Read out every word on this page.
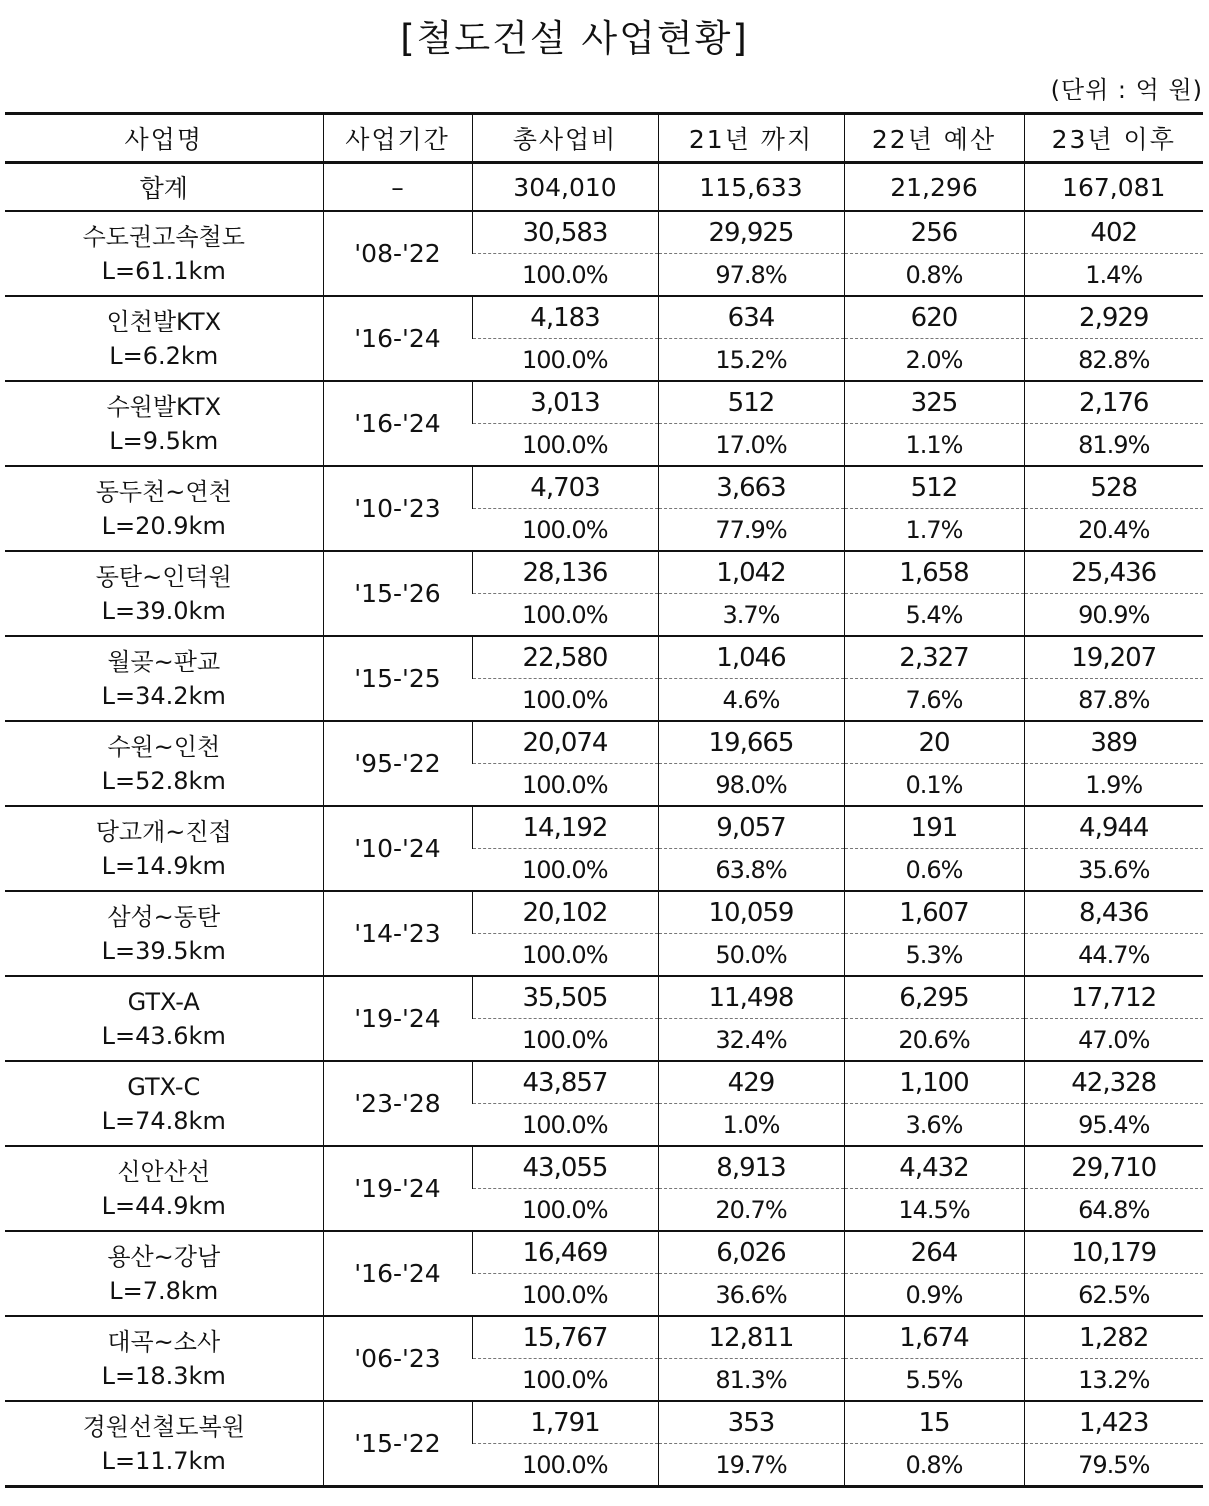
[철도건설 사업현황]
(단위 : 억 원)
사업명	사업기간	총사업비	21년 까지	22년 예산	23년 이후
합계	–	304,010	115,633	21,296	167,081

수도권고속철도
L=61.1km	'08-'22	30,583	29,925	256	402
		100.0%	97.8%	0.8%	1.4%

인천발KTX
L=6.2km	'16-'24	4,183	634	620	2,929
		100.0%	15.2%	2.0%	82.8%

수원발KTX
L=9.5km	'16-'24	3,013	512	325	2,176
		100.0%	17.0%	1.1%	81.9%

동두천~연천
L=20.9km	'10-'23	4,703	3,663	512	528
		100.0%	77.9%	1.7%	20.4%

동탄~인덕원
L=39.0km	'15-'26	28,136	1,042	1,658	25,436
		100.0%	3.7%	5.4%	90.9%

월곶~판교
L=34.2km	'15-'25	22,580	1,046	2,327	19,207
		100.0%	4.6%	7.6%	87.8%

수원~인천
L=52.8km	'95-'22	20,074	19,665	20	389
		100.0%	98.0%	0.1%	1.9%

당고개~진접
L=14.9km	'10-'24	14,192	9,057	191	4,944
		100.0%	63.8%	0.6%	35.6%

삼성~동탄
L=39.5km	'14-'23	20,102	10,059	1,607	8,436
		100.0%	50.0%	5.3%	44.7%

GTX-A
L=43.6km	'19-'24	35,505	11,498	6,295	17,712
		100.0%	32.4%	20.6%	47.0%

GTX-C
L=74.8km	'23-'28	43,857	429	1,100	42,328
		100.0%	1.0%	3.6%	95.4%

신안산선
L=44.9km	'19-'24	43,055	8,913	4,432	29,710
		100.0%	20.7%	14.5%	64.8%

용산~강남
L=7.8km	'16-'24	16,469	6,026	264	10,179
		100.0%	36.6%	0.9%	62.5%

대곡~소사
L=18.3km	'06-'23	15,767	12,811	1,674	1,282
		100.0%	81.3%	5.5%	13.2%

경원선철도복원
L=11.7km	'15-'22	1,791	353	15	1,423
		100.0%	19.7%	0.8%	79.5%
